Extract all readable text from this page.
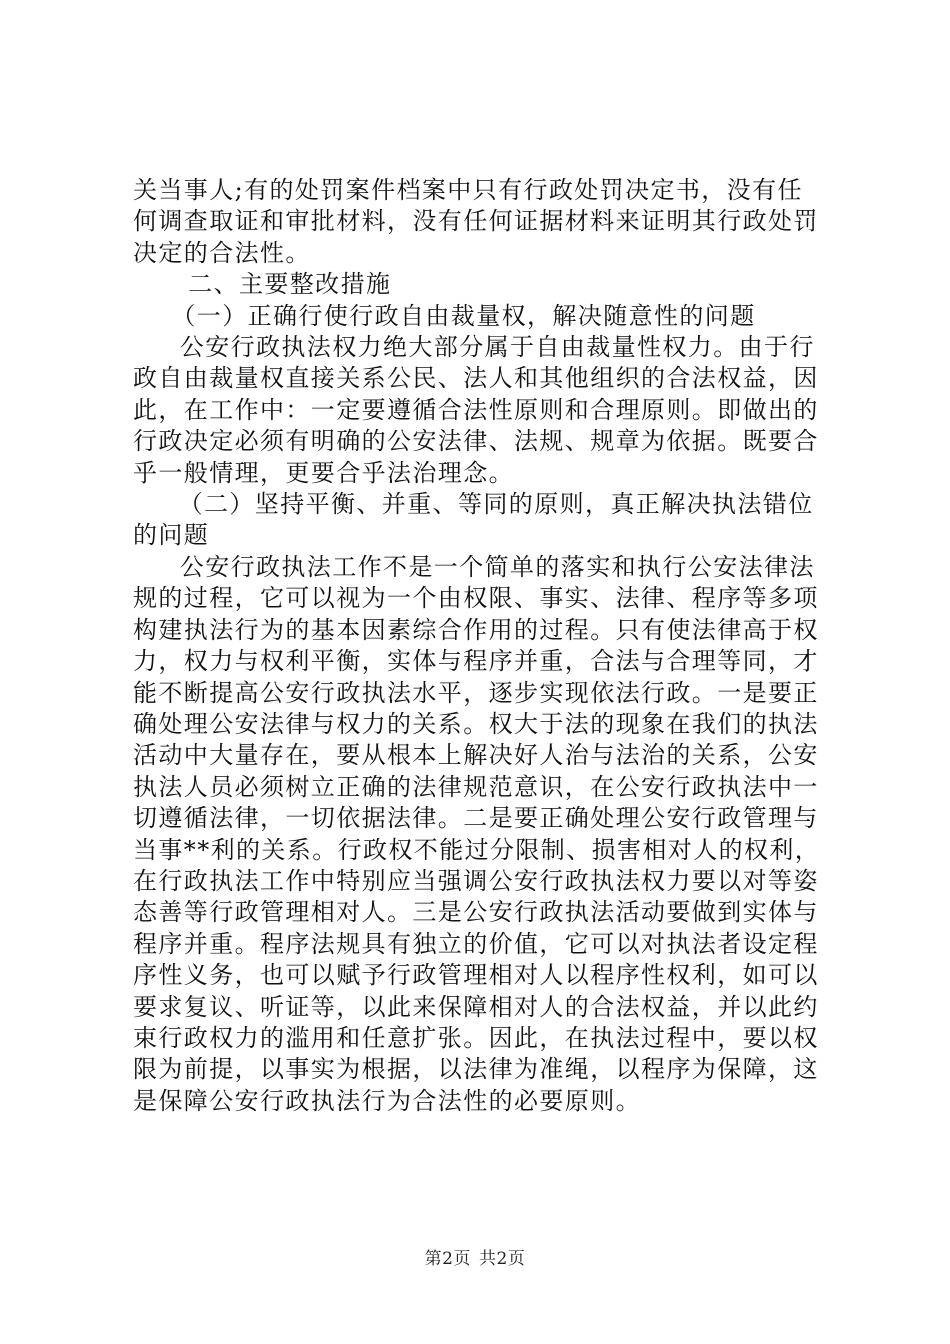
关当事人;有的处罚案件档案中只有行政处罚决定书，没有任何调查取证和审批材料，没有任何证据材料来证明其行政处罚决定的合法性。

二、主要整改措施

（一）正确行使行政自由裁量权，解决随意性的问题

公安行政执法权力绝大部分属于自由裁量性权力。由于行政自由裁量权直接关系公民、法人和其他组织的合法权益，因此，在工作中：一定要遵循合法性原则和合理原则。即做出的行政决定必须有明确的公安法律、法规、规章为依据。既要合乎一般情理，更要合乎法治理念。

（二）坚持平衡、并重、等同的原则，真正解决执法错位的问题

公安行政执法工作不是一个简单的落实和执行公安法律法规的过程，它可以视为一个由权限、事实、法律、程序等多项构建执法行为的基本因素综合作用的过程。只有使法律高于权力，权力与权利平衡，实体与程序并重，合法与合理等同，才能不断提高公安行政执法水平，逐步实现依法行政。一是要正确处理公安法律与权力的关系。权大于法的现象在我们的执法活动中大量存在，要从根本上解决好人治与法治的关系，公安执法人员必须树立正确的法律规范意识，在公安行政执法中一切遵循法律，一切依据法律。二是要正确处理公安行政管理与当事**利的关系。行政权不能过分限制、损害相对人的权利，在行政执法工作中特别应当强调公安行政执法权力要以对等姿态善等行政管理相对人。三是公安行政执法活动要做到实体与程序并重。程序法规具有独立的价值，它可以对执法者设定程序性义务，也可以赋予行政管理相对人以程序性权利，如可以要求复议、听证等，以此来保障相对人的合法权益，并以此约束行政权力的滥用和任意扩张。因此，在执法过程中，要以权限为前提，以事实为根据，以法律为准绳，以程序为保障，这是保障公安行政执法行为合法性的必要原则。

第2页 共2页
